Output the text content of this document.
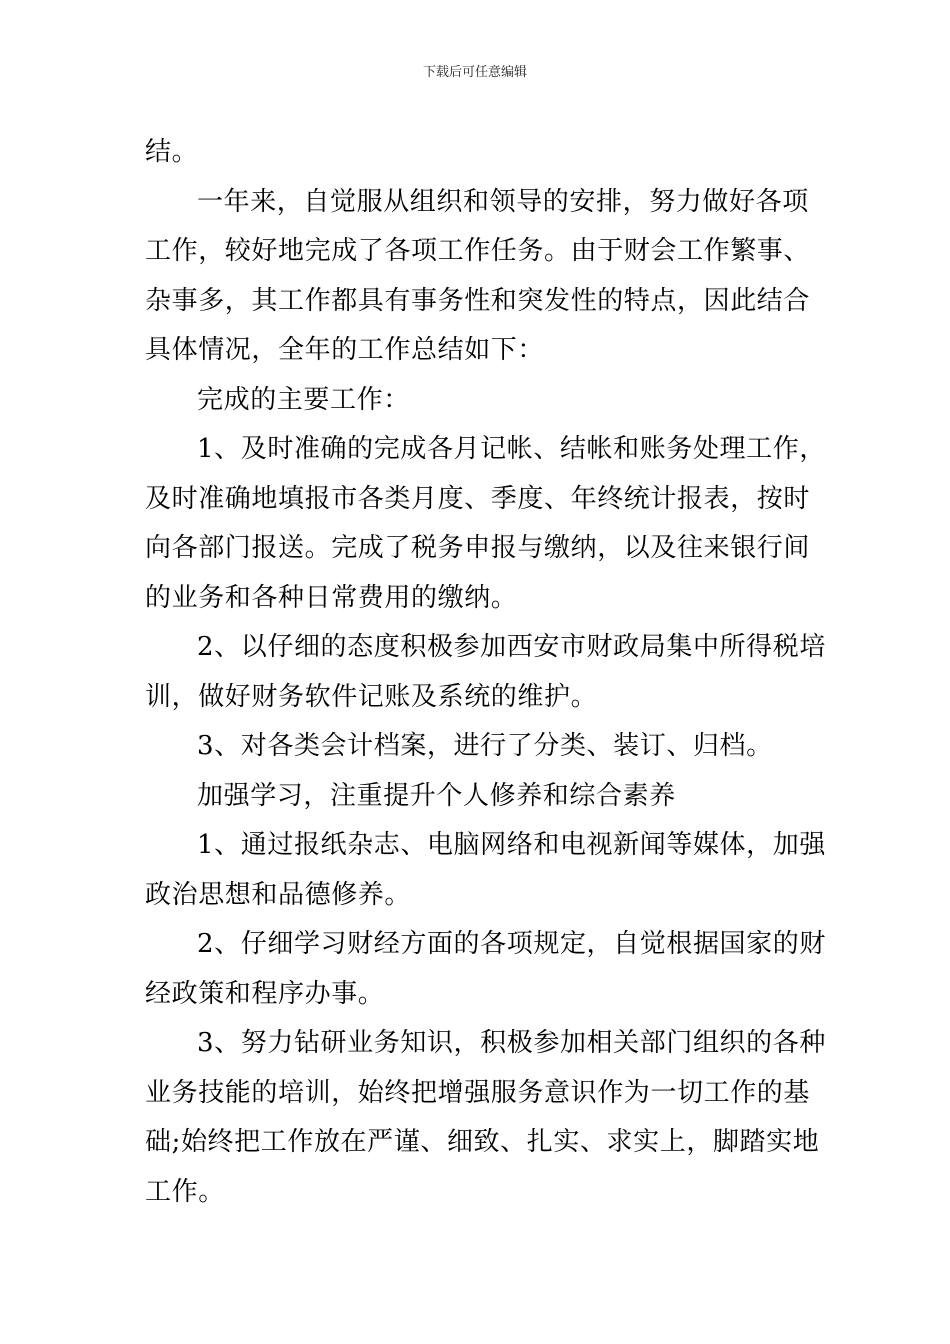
下载后可任意编辑
结。
一年来，自觉服从组织和领导的安排，努力做好各项
工作，较好地完成了各项工作任务。由于财会工作繁事、
杂事多，其工作都具有事务性和突发性的特点，因此结合
具体情况，全年的工作总结如下：
完成的主要工作：
1、及时准确的完成各月记帐、结帐和账务处理工作，
及时准确地填报市各类月度、季度、年终统计报表，按时
向各部门报送。完成了税务申报与缴纳，以及往来银行间
的业务和各种日常费用的缴纳。
2、以仔细的态度积极参加西安市财政局集中所得税培
训，做好财务软件记账及系统的维护。
3、对各类会计档案，进行了分类、装订、归档。
加强学习，注重提升个人修养和综合素养
1、通过报纸杂志、电脑网络和电视新闻等媒体，加强
政治思想和品德修养。
2、仔细学习财经方面的各项规定，自觉根据国家的财
经政策和程序办事。
3、努力钻研业务知识，积极参加相关部门组织的各种
业务技能的培训，始终把增强服务意识作为一切工作的基
础;始终把工作放在严谨、细致、扎实、求实上，脚踏实地
工作。
